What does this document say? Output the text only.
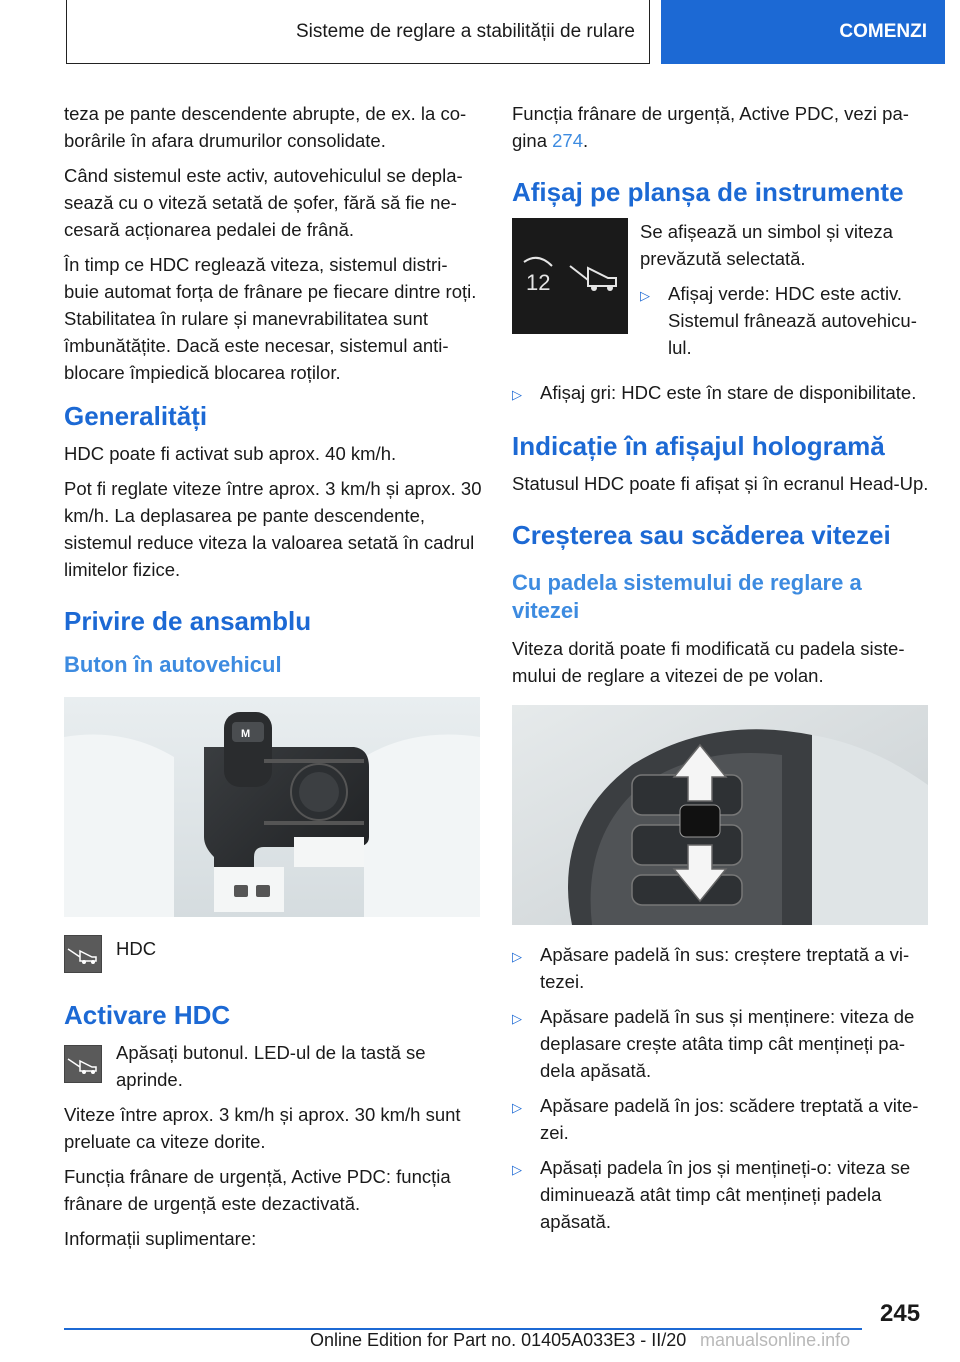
Sisteme de reglare a stabilității de rulare	COMENZI

teza pe pante descendente abrupte, de ex. la co-borârile în afara drumurilor consolidate.

Când sistemul este activ, autovehiculul se depla-sează cu o viteză setată de șofer, fără să fie ne-cesară acționarea pedalei de frână.

În timp ce HDC reglează viteza, sistemul distri-buie automat forța de frânare pe fiecare dintre roți. Stabilitatea în rulare și manevrabilitatea sunt îmbunătățite. Dacă este necesar, sistemul anti-blocare împiedică blocarea roților.

Generalități

HDC poate fi activat sub aprox. 40 km/h.

Pot fi reglate viteze între aprox. 3 km/h și aprox. 30 km/h. La deplasarea pe pante descendente, sistemul reduce viteza la valoarea setată în cadrul limitelor fizice.

Privire de ansamblu
Buton în autovehicul
M
HDC
Activare HDC
Apăsați butonul. LED-ul de la tastă se aprinde.

Viteze între aprox. 3 km/h și aprox. 30 km/h sunt preluate ca viteze dorite.

Funcția frânare de urgență, Active PDC: funcția frânare de urgență este dezactivată.

Informații suplimentare:

Funcția frânare de urgență, Active PDC, vezi pa-gina 274.

Afișaj pe planșa de instrumente
12

Se afișează un simbol și viteza prevăzută selectată.

▷ Afișaj verde: HDC este activ. Sistemul frânează autovehicu-lul.
▷ Afișaj gri: HDC este în stare de disponibilitate.
Indicație în afișajul hologramă

Statusul HDC poate fi afișat și în ecranul Head-Up.

Creșterea sau scăderea vitezei
Cu padela sistemului de reglare a vitezei

Viteza dorită poate fi modificată cu padela siste-mului de reglare a vitezei de pe volan.

▷ Apăsare padelă în sus: creștere treptată a vi-tezei.
▷ Apăsare padelă în sus și menținere: viteza de deplasare crește atâta timp cât mențineți pa-dela apăsată.
▷ Apăsare padelă în jos: scădere treptată a vite-zei.
▷ Apăsați padela în jos și mențineți-o: viteza se diminuează atât timp cât mențineți padela apăsată.
245
Online Edition for Part no. 01405A033E3 - II/20 manualsonline.info
